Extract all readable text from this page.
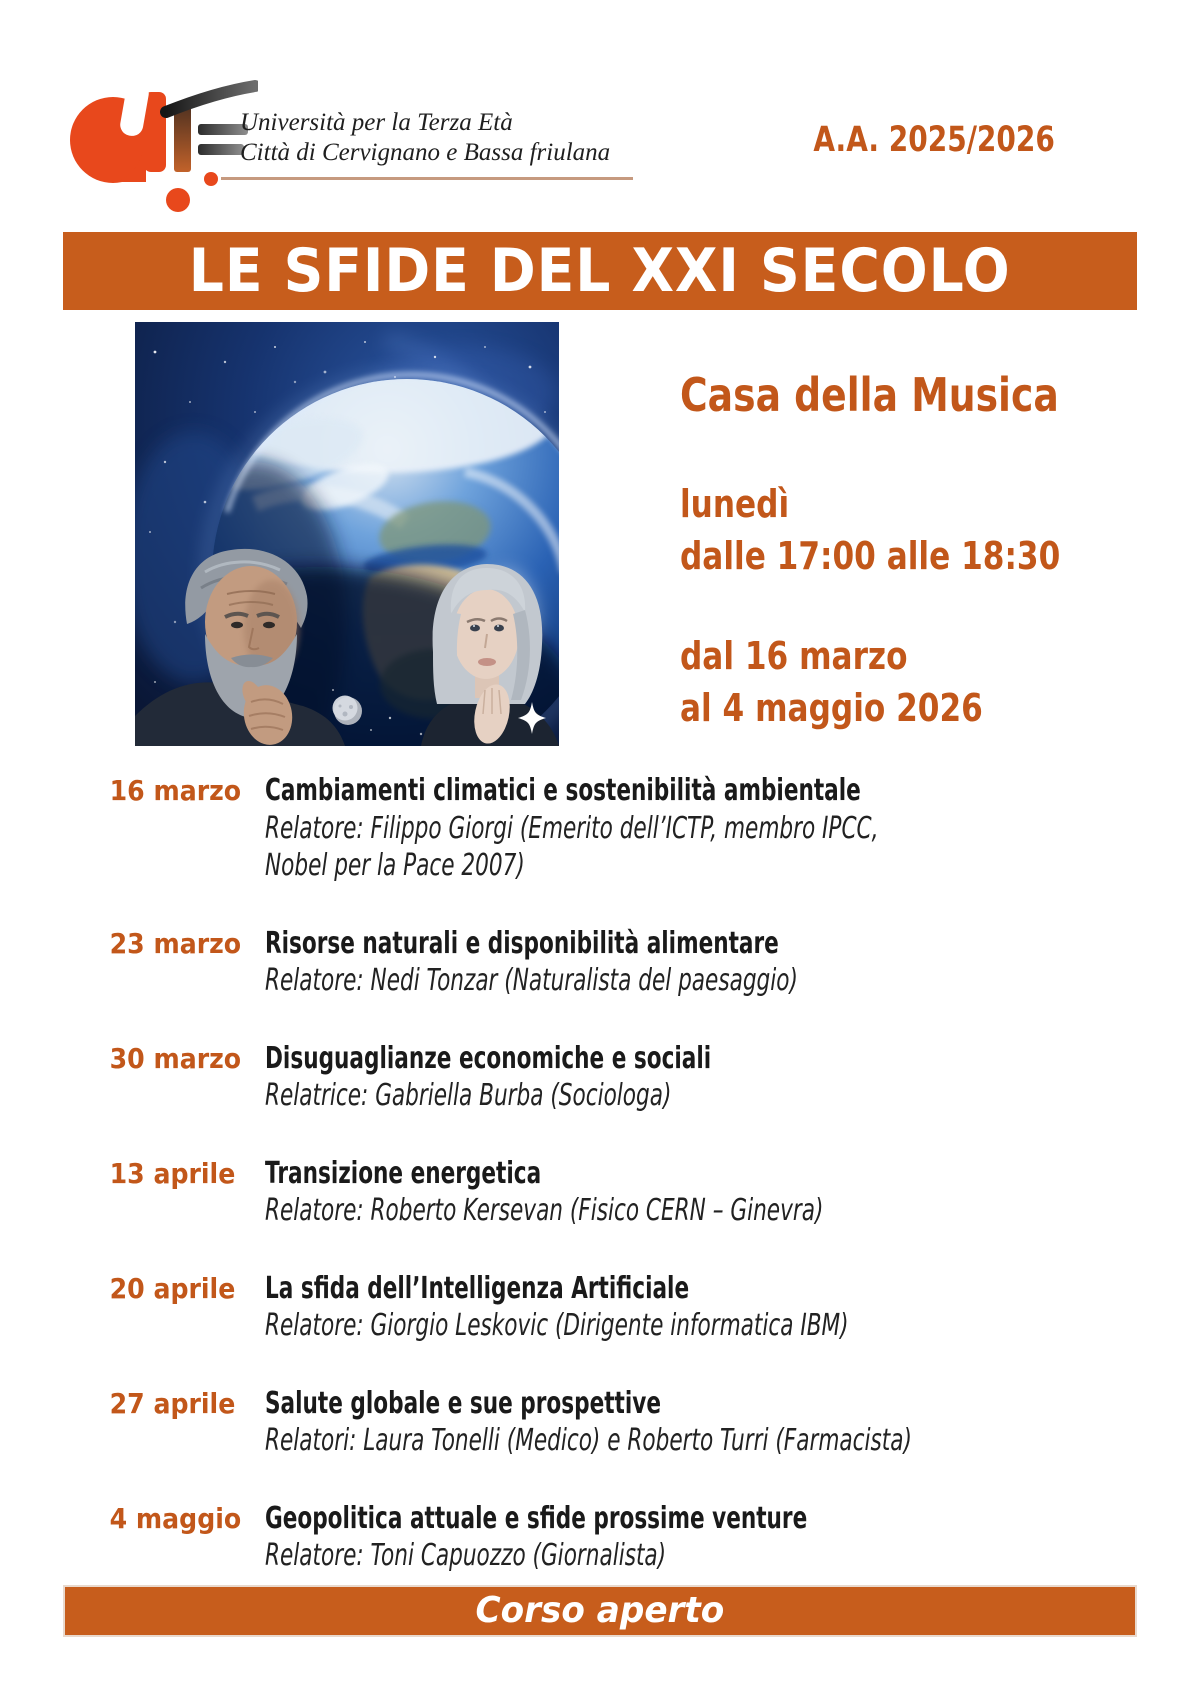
Università per la Terza Età
Città di Cervignano e Bassa friulana	A.A. 2025/2026
LE SFIDE DEL XXI SECOLO
Casa della Musica
lunedì
dalle 17:00 alle 18:30
dal 16 marzo
al 4 maggio 2026
16 marzo Cambiamenti climatici e sostenibilità ambientale
Relatore: Filippo Giorgi (Emerito dell’ICTP, membro IPCC, Nobel per la Pace 2007)
23 marzo Risorse naturali e disponibilità alimentare
Relatore: Nedi Tonzar (Naturalista del paesaggio)
30 marzo Disuguaglianze economiche e sociali
Relatrice: Gabriella Burba (Sociologa)
13 aprile Transizione energetica
Relatore: Roberto Kersevan (Fisico CERN – Ginevra)
20 aprile La sfida dell’Intelligenza Artificiale
Relatore: Giorgio Leskovic (Dirigente informatica IBM)
27 aprile Salute globale e sue prospettive
Relatori: Laura Tonelli (Medico) e Roberto Turri (Farmacista)
4 maggio Geopolitica attuale e sfide prossime venture
Relatore: Toni Capuozzo (Giornalista)
Corso aperto
